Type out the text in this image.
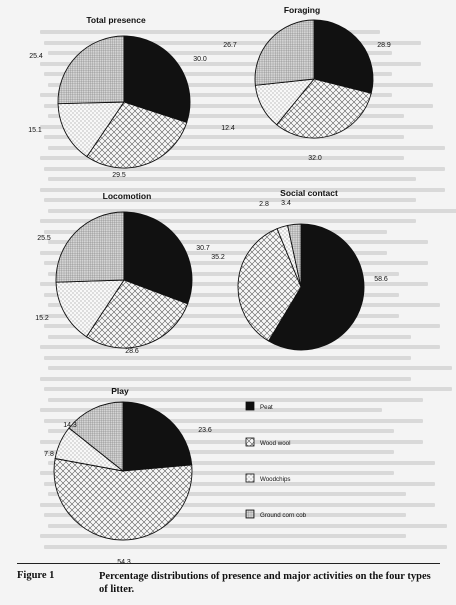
Total presence
30.0
29.5
15.1
25.4
Foraging
28.9
32.0
12.4
26.7
Locomotion
30.7
28.6
15.2
25.5
Social contact
58.6
35.2
2.8 3.4
Play
23.6
7.8
14.3
Peat
Wood wool
Woodchips
Ground corn cob
Figure 1	Percentage distributions of presence and major activities on the four types of litter.
